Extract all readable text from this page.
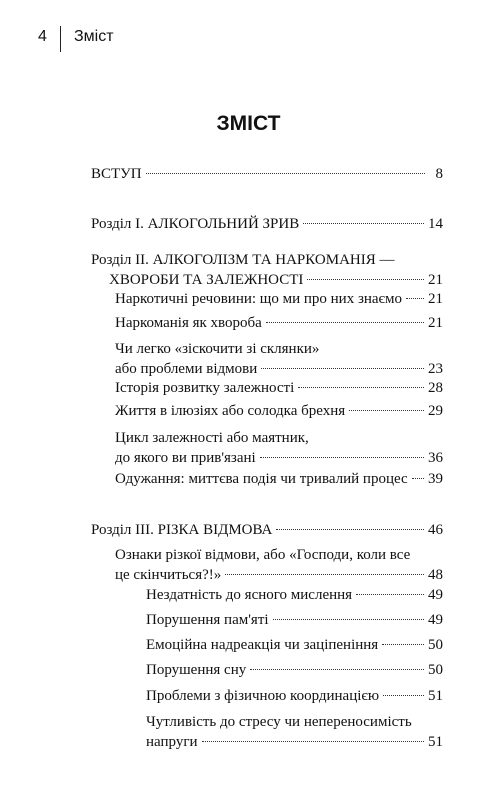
4 Зміст
ЗМІСТ
ВСТУП	8
Розділ І. АЛКОГОЛЬНИЙ ЗРИВ	14
Розділ ІІ. АЛКОГОЛІЗМ ТА НАРКОМАНІЯ —
ХВОРОБИ ТА ЗАЛЕЖНОСТІ	21
Наркотичні речовини: що ми про них знаємо 21
Наркоманія як хвороба	21
Чи легко «зіскочити зі склянки»
або проблеми відмови	23
Історія розвитку залежності	28
Життя в ілюзіях або солодка брехня	29
Цикл залежності або маятник,
до якого ви прив'язані	36
Одужання: миттєва подія чи тривалий процес 39
Розділ ІІІ. РІЗКА ВІДМОВА	46
Ознаки різкої відмови, або «Господи, коли все
це скінчиться?!»	48
Нездатність до ясного мислення	49
Порушення пам'яті	49
Емоційна надреакція чи заціпеніння	50
Порушення сну	50
Проблеми з фізичною координацією	51
Чутливість до стресу чи непереносимість
напруги	51
